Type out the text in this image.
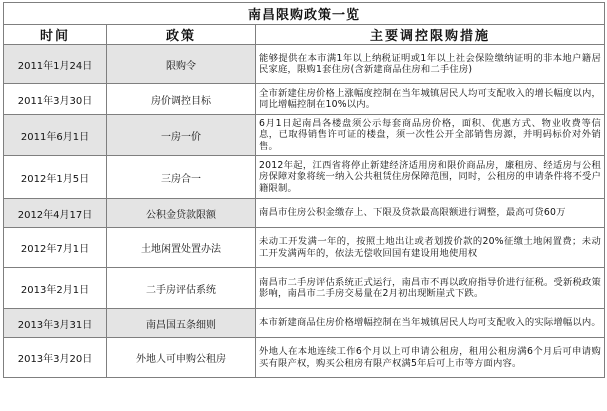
南昌限购政策一览		
时间	政策	主要调控限购措施
2011年1月24日	限购令	能够提供在本市满1年以上纳税证明或1年以上社会保险缴纳证明的非本地户籍居民家庭，限购1套住房(含新建商品住房和二手住房)
2011年3月30日	房价调控目标	全市新建住房价格上涨幅度控制在当年城镇居民人均可支配收入的增长幅度以内，同比增幅控制在10%以内。
2011年6月1日	一房一价	6月1日起南昌各楼盘须公示每套商品房价格，面积、优惠方式、物业收费等信息，已取得销售许可证的楼盘，须一次性公开全部销售房源，并明码标价对外销售。
2012年1月5日	三房合一	2012年起，江西省将停止新建经济适用房和限价商品房，廉租房、经适房与公租房保障对象将统一纳入公共租赁住房保障范围，同时，公租房的申请条件将不受户籍限制。
2012年4月17日	公积金贷款限额	南昌市住房公积金缴存上、下限及贷款最高限额进行调整，最高可贷60万
2012年7月1日	土地闲置处置办法	未动工开发满一年的，按照土地出让或者划拨价款的20%征缴土地闲置费；未动工开发满两年的，依法无偿收回国有建设用地使用权
2013年2月1日	二手房评估系统	南昌市二手房评估系统正式运行，南昌市不再以政府指导价进行征税。受新税政策影响，南昌市二手房交易量在2月初出现断崖式下跌。
2013年3月31日	南昌国五条细则	本市新建商品住房价格增幅控制在当年城镇居民人均可支配收入的实际增幅以内。
2013年3月20日	外地人可申购公租房	外地人在本地连续工作6个月以上可申请公租房，租用公租房满6个月后可申请购买有限产权，购买公租房有限产权满5年后可上市等方面内容。
